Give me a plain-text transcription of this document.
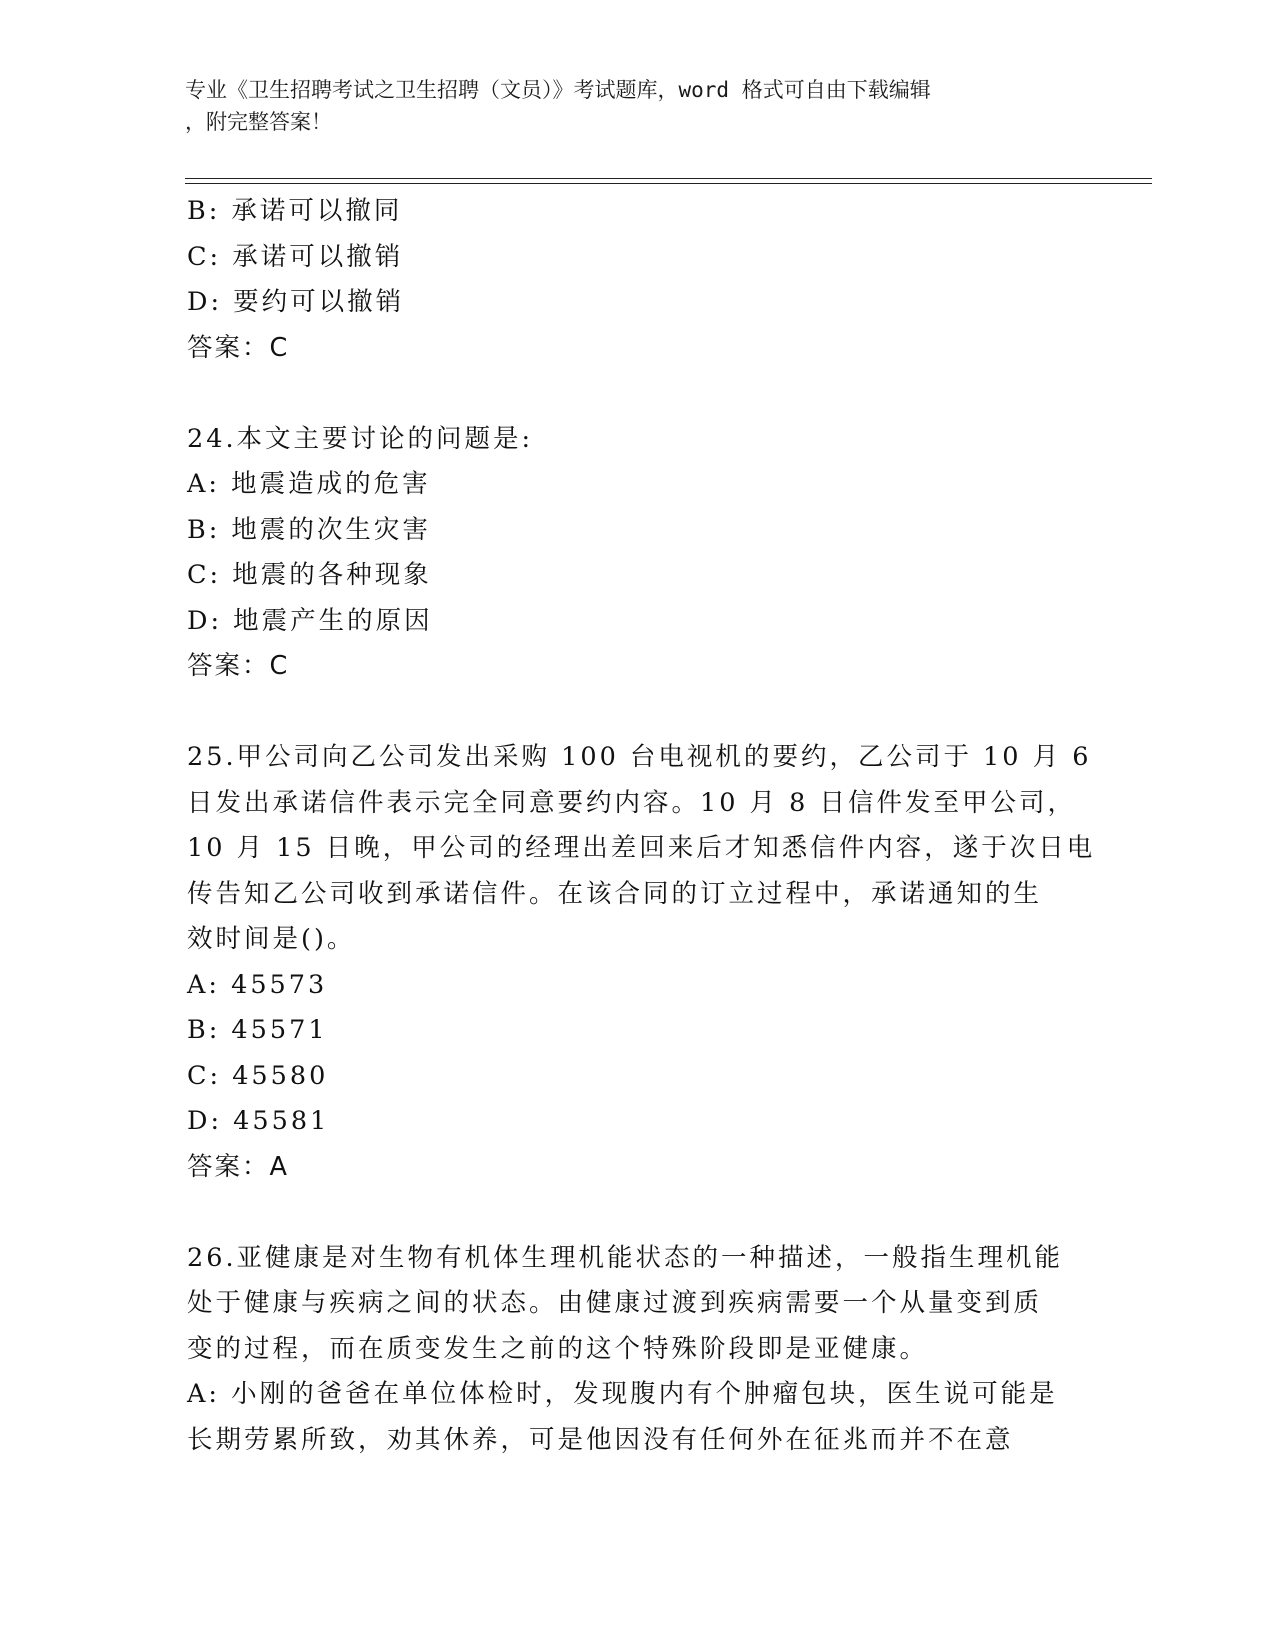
专业《卫生招聘考试之卫生招聘（文员）》考试题库，word 格式可自由下载编辑
，附完整答案！
B: 承诺可以撤同
C: 承诺可以撤销
D: 要约可以撤销
答案：C
24.本文主要讨论的问题是:
A: 地震造成的危害
B: 地震的次生灾害
C: 地震的各种现象
D: 地震产生的原因
答案：C
25.甲公司向乙公司发出采购 100 台电视机的要约，乙公司于 10 月 6
日发出承诺信件表示完全同意要约内容。10 月 8 日信件发至甲公司，
10 月 15 日晚，甲公司的经理出差回来后才知悉信件内容，遂于次日电
传告知乙公司收到承诺信件。在该合同的订立过程中，承诺通知的生
效时间是()。
A: 45573
B: 45571
C: 45580
D: 45581
答案：A
26.亚健康是对生物有机体生理机能状态的一种描述，一般指生理机能
处于健康与疾病之间的状态。由健康过渡到疾病需要一个从量变到质
变的过程，而在质变发生之前的这个特殊阶段即是亚健康。
A: 小刚的爸爸在单位体检时，发现腹内有个肿瘤包块，医生说可能是
长期劳累所致，劝其休养，可是他因没有任何外在征兆而并不在意
